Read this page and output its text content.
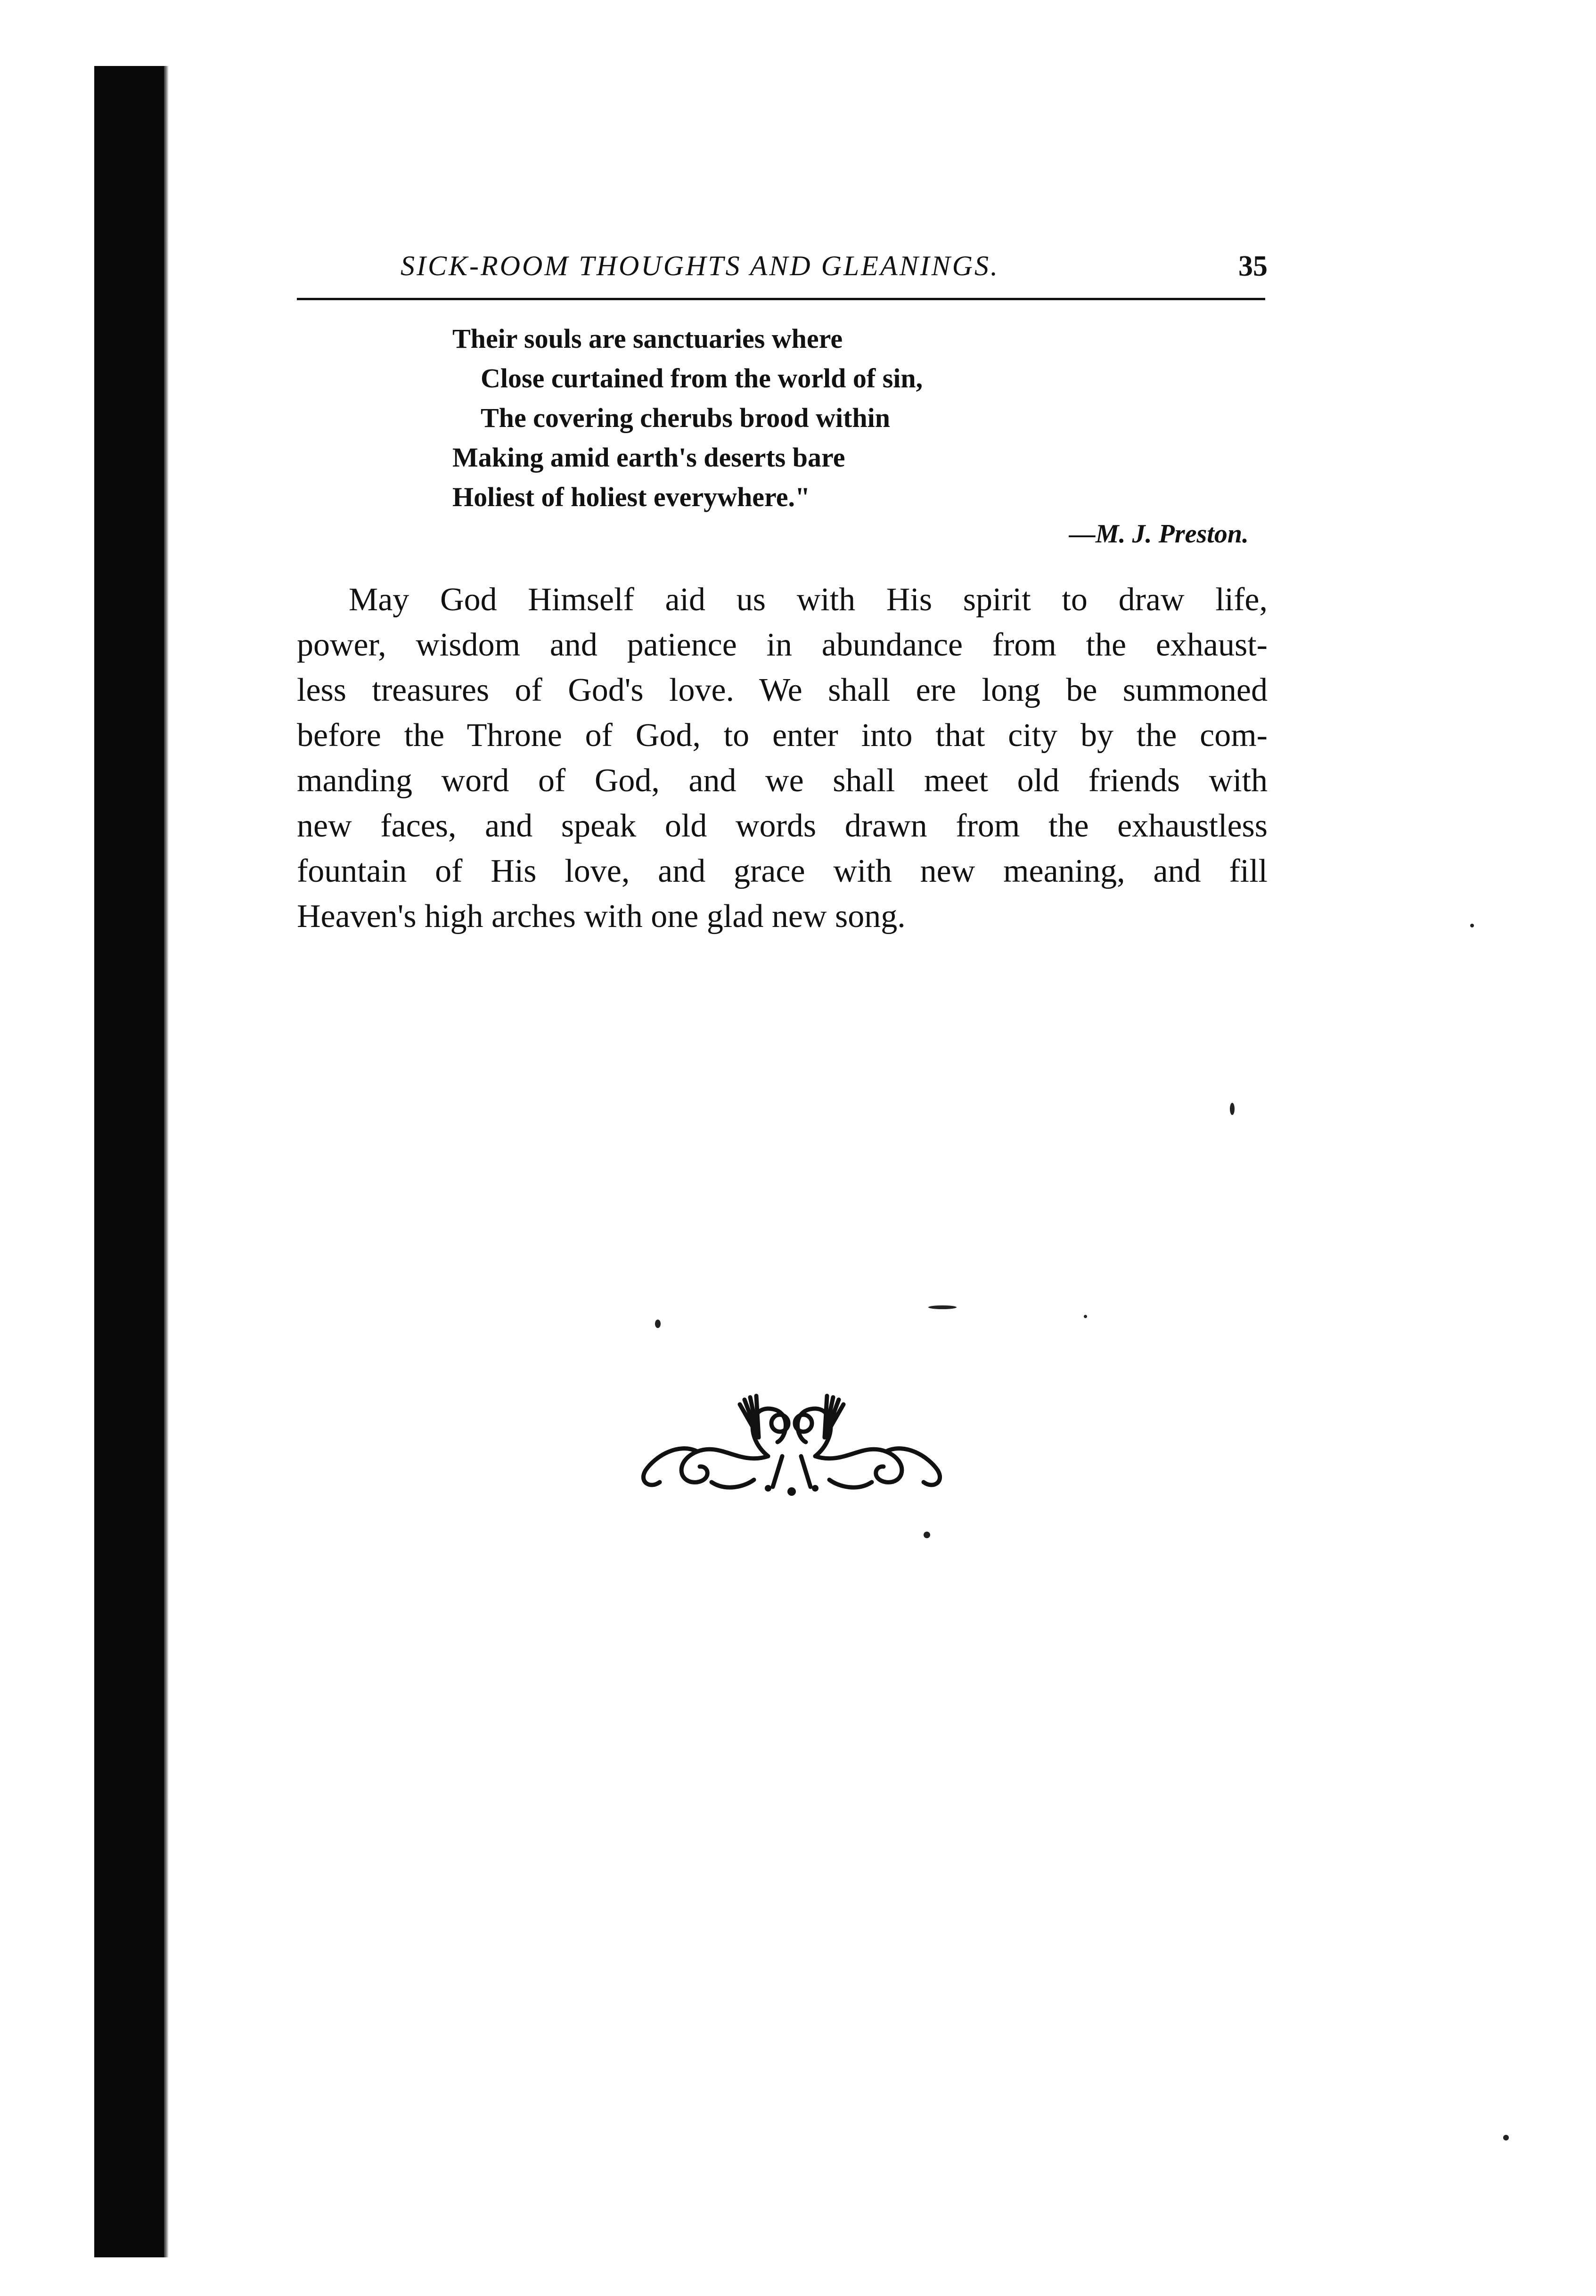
SICK-ROOM THOUGHTS AND GLEANINGS.	35
Their souls are sanctuaries where
Close curtained from the world of sin,
The covering cherubs brood within
Making amid earth's deserts bare
Holiest of holiest everywhere."
—M. J. Preston.
May God Himself aid us with His spirit to draw life,
power, wisdom and patience in abundance from the exhaust-
less treasures of God's love. We shall ere long be summoned
before the Throne of God, to enter into that city by the com-
manding word of God, and we shall meet old friends with
new faces, and speak old words drawn from the exhaustless
fountain of His love, and grace with new meaning, and fill
Heaven's high arches with one glad new song.
